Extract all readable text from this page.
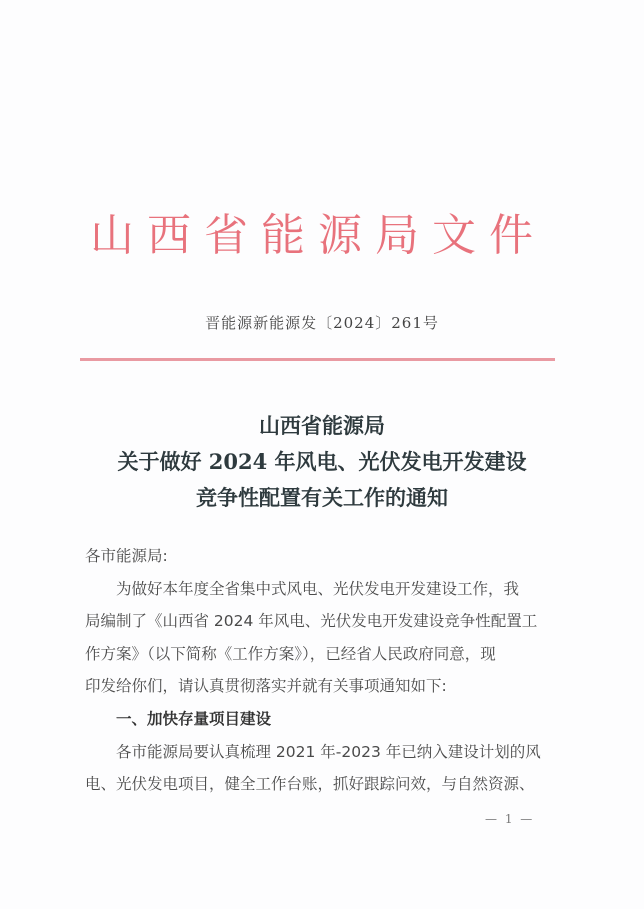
山西省能源局文件
晋能源新能源发〔2024〕261号
山西省能源局
关于做好 2024 年风电、光伏发电开发建设
竞争性配置有关工作的通知

各市能源局:

为做好本年度全省集中式风电、光伏发电开发建设工作，我

局编制了《山西省 2024 年风电、光伏发电开发建设竞争性配置工
作方案》（以下简称《工作方案》），已经省人民政府同意，现
印发给你们，请认真贯彻落实并就有关事项通知如下:

一、加快存量项目建设

各市能源局要认真梳理 2021 年-2023 年已纳入建设计划的风

电、光伏发电项目，健全工作台账，抓好跟踪问效，与自然资源、

— 1 —
